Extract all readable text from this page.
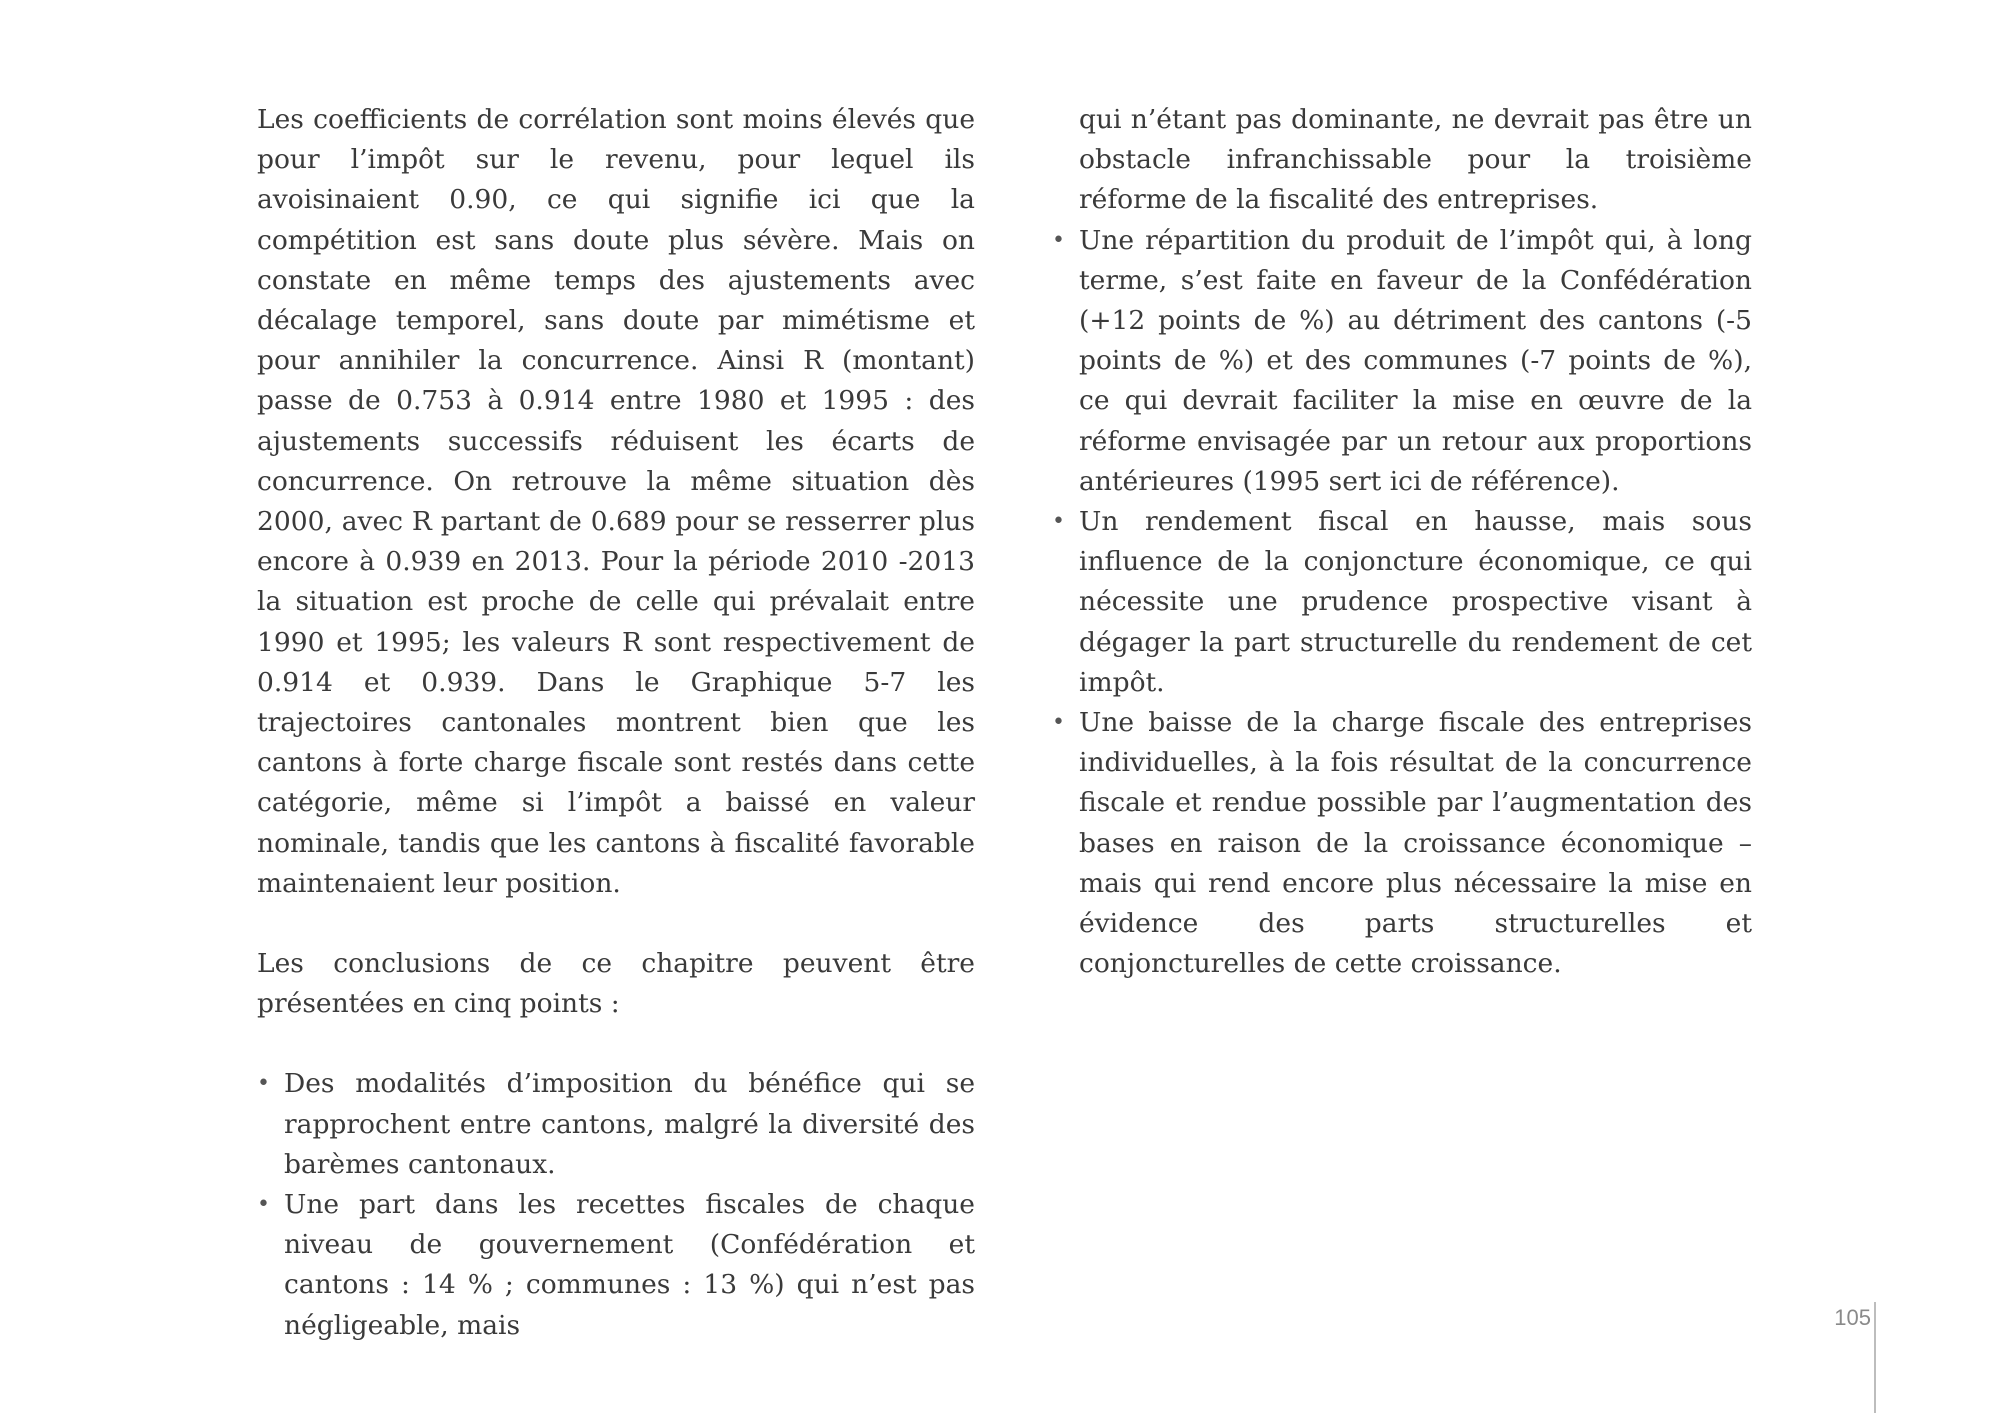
Les coefficients de corrélation sont moins élevés que pour l’impôt sur le revenu, pour lequel ils avoisinaient 0.90, ce qui signifie ici que la compétition est sans doute plus sévère. Mais on constate en même temps des ajustements avec décalage temporel, sans doute par mimétisme et pour annihiler la concurrence. Ainsi R (montant) passe de 0.753 à 0.914 entre 1980 et 1995 : des ajustements successifs réduisent les écarts de concurrence. On retrouve la même situation dès 2000, avec R partant de 0.689 pour se resserrer plus encore à 0.939 en 2013. Pour la période 2010 -2013 la situation est proche de celle qui prévalait entre 1990 et 1995; les valeurs R sont respectivement de 0.914 et 0.939. Dans le Graphique 5-7 les trajectoires cantonales montrent bien que les cantons à forte charge fiscale sont restés dans cette catégorie, même si l’impôt a baissé en valeur nominale, tandis que les cantons à fiscalité favorable maintenaient leur position.

Les conclusions de ce chapitre peuvent être présentées en cinq points :

• Des modalités d’imposition du bénéfice qui se rapprochent entre cantons, malgré la diversité des barèmes cantonaux.
• Une part dans les recettes fiscales de chaque niveau de gouvernement (Confédération et cantons : 14 % ; communes : 13 %) qui n’est pas négligeable, mais

qui n’étant pas dominante, ne devrait pas être un obstacle infranchissable pour la troisième réforme de la fiscalité des entreprises.

• Une répartition du produit de l’impôt qui, à long terme, s’est faite en faveur de la Confédération (+12 points de %) au détriment des cantons (-5 points de %) et des communes (-7 points de %), ce qui devrait faciliter la mise en œuvre de la réforme envisagée par un retour aux proportions antérieures (1995 sert ici de référence).
• Un rendement fiscal en hausse, mais sous influence de la conjoncture économique, ce qui nécessite une prudence prospective visant à dégager la part structurelle du rendement de cet impôt.
• Une baisse de la charge fiscale des entreprises individuelles, à la fois résultat de la concurrence fiscale et rendue possible par l’augmentation des bases en raison de la croissance économique – mais qui rend encore plus nécessaire la mise en évidence des parts structurelles et conjoncturelles de cette croissance.
105
